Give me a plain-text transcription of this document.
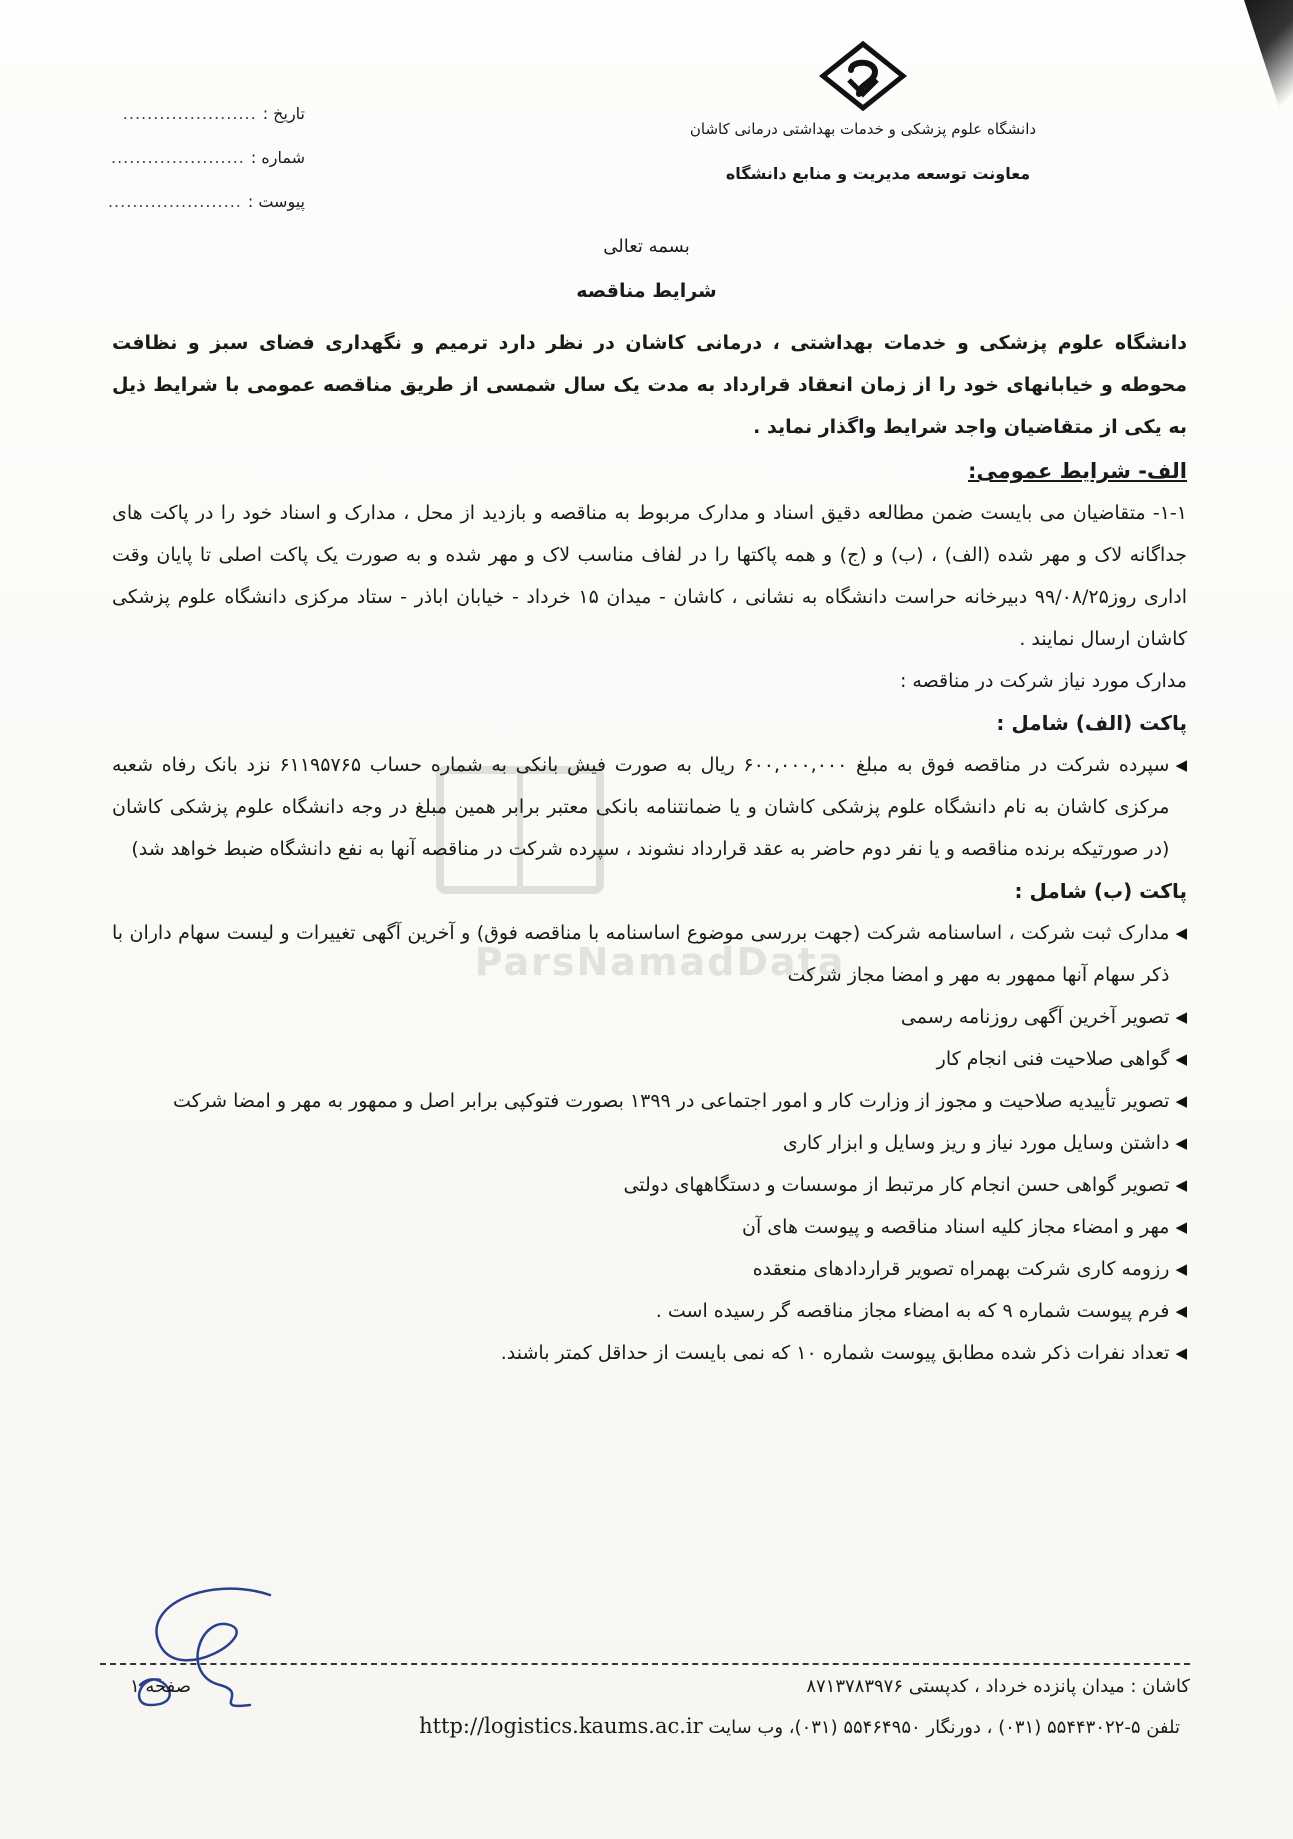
دانشگاه علوم پزشکی و خدمات بهداشتی درمانی کاشان
معاونت توسعه مدیریت و منابع دانشگاه
تاریخ :
......................
شماره :
......................
پیوست :
......................
بسمه تعالی
شرایط مناقصه
ParsNamadData
دانشگاه علوم پزشکی و خدمات بهداشتی ، درمانی کاشان در نظر دارد ترمیم و نگهداری فضای سبز و نظافت محوطه و خیابانهای خود را از زمان انعقاد قرارداد به مدت یک سال شمسی از طریق مناقصه عمومی با شرایط ذیل به یکی از متقاضیان واجد شرایط واگذار نماید .
الف- شرایط عمومی:
۱-۱- متقاضیان می بایست ضمن مطالعه دقیق اسناد و مدارک مربوط به مناقصه و بازدید از محل ، مدارک و اسناد خود را در پاکت های جداگانه لاک و مهر شده (الف) ، (ب) و (ج) و همه پاکتها را در لفاف مناسب لاک و مهر شده و به صورت یک پاکت اصلی تا پایان وقت اداری روز۹۹/۰۸/۲۵ دبیرخانه حراست دانشگاه به نشانی ، کاشان - میدان ۱۵ خرداد - خیابان اباذر - ستاد مرکزی دانشگاه علوم پزشکی کاشان ارسال نمایند .
مدارک مورد نیاز شرکت در مناقصه :
پاکت (الف) شامل :
◀
سپرده شرکت در مناقصه فوق به مبلغ ۶۰۰,۰۰۰,۰۰۰ ریال به صورت فیش بانکی به شماره حساب ۶۱۱۹۵۷۶۵ نزد بانک رفاه شعبه مرکزی کاشان به نام دانشگاه علوم پزشکی کاشان و یا ضمانتنامه بانکی معتبر برابر همین مبلغ در وجه دانشگاه علوم پزشکی کاشان (در صورتیکه برنده مناقصه و یا نفر دوم حاضر به عقد قرارداد نشوند ، سپرده شرکت در مناقصه آنها به نفع دانشگاه ضبط خواهد شد)
پاکت (ب) شامل :
◀
مدارک ثبت شرکت ، اساسنامه شرکت (جهت بررسی موضوع اساسنامه با مناقصه فوق) و آخرین آگهی تغییرات و لیست سهام داران با ذکر سهام آنها ممهور به مهر و امضا مجاز شرکت
◀
تصویر آخرین آگهی روزنامه رسمی
◀
گواهی صلاحیت فنی انجام کار
◀
تصویر تأییدیه صلاحیت و مجوز از وزارت کار و امور اجتماعی در ۱۳۹۹ بصورت فتوکپی برابر اصل و ممهور به مهر و امضا شرکت
◀
داشتن وسایل مورد نیاز و ریز وسایل و ابزار کاری
◀
تصویر گواهی حسن انجام کار مرتبط از موسسات و دستگاههای دولتی
◀
مهر و امضاء مجاز کلیه اسناد مناقصه و پیوست های آن
◀
رزومه کاری شرکت بهمراه تصویر قراردادهای منعقده
◀
فرم پیوست شماره ۹ که به امضاء مجاز مناقصه گر رسیده است .
◀
تعداد نفرات ذکر شده مطابق پیوست شماره ۱۰ که نمی بایست از حداقل کمتر باشند.
کاشان : میدان پانزده خرداد ، کدپستی ۸۷۱۳۷۸۳۹۷۶
صفحه ۱
تلفن ۵-۵۵۴۴۳۰۲۲ (۰۳۱) ، دورنگار ۵۵۴۶۴۹۵۰ (۰۳۱)، وب سایت http://logistics.kaums.ac.ir
